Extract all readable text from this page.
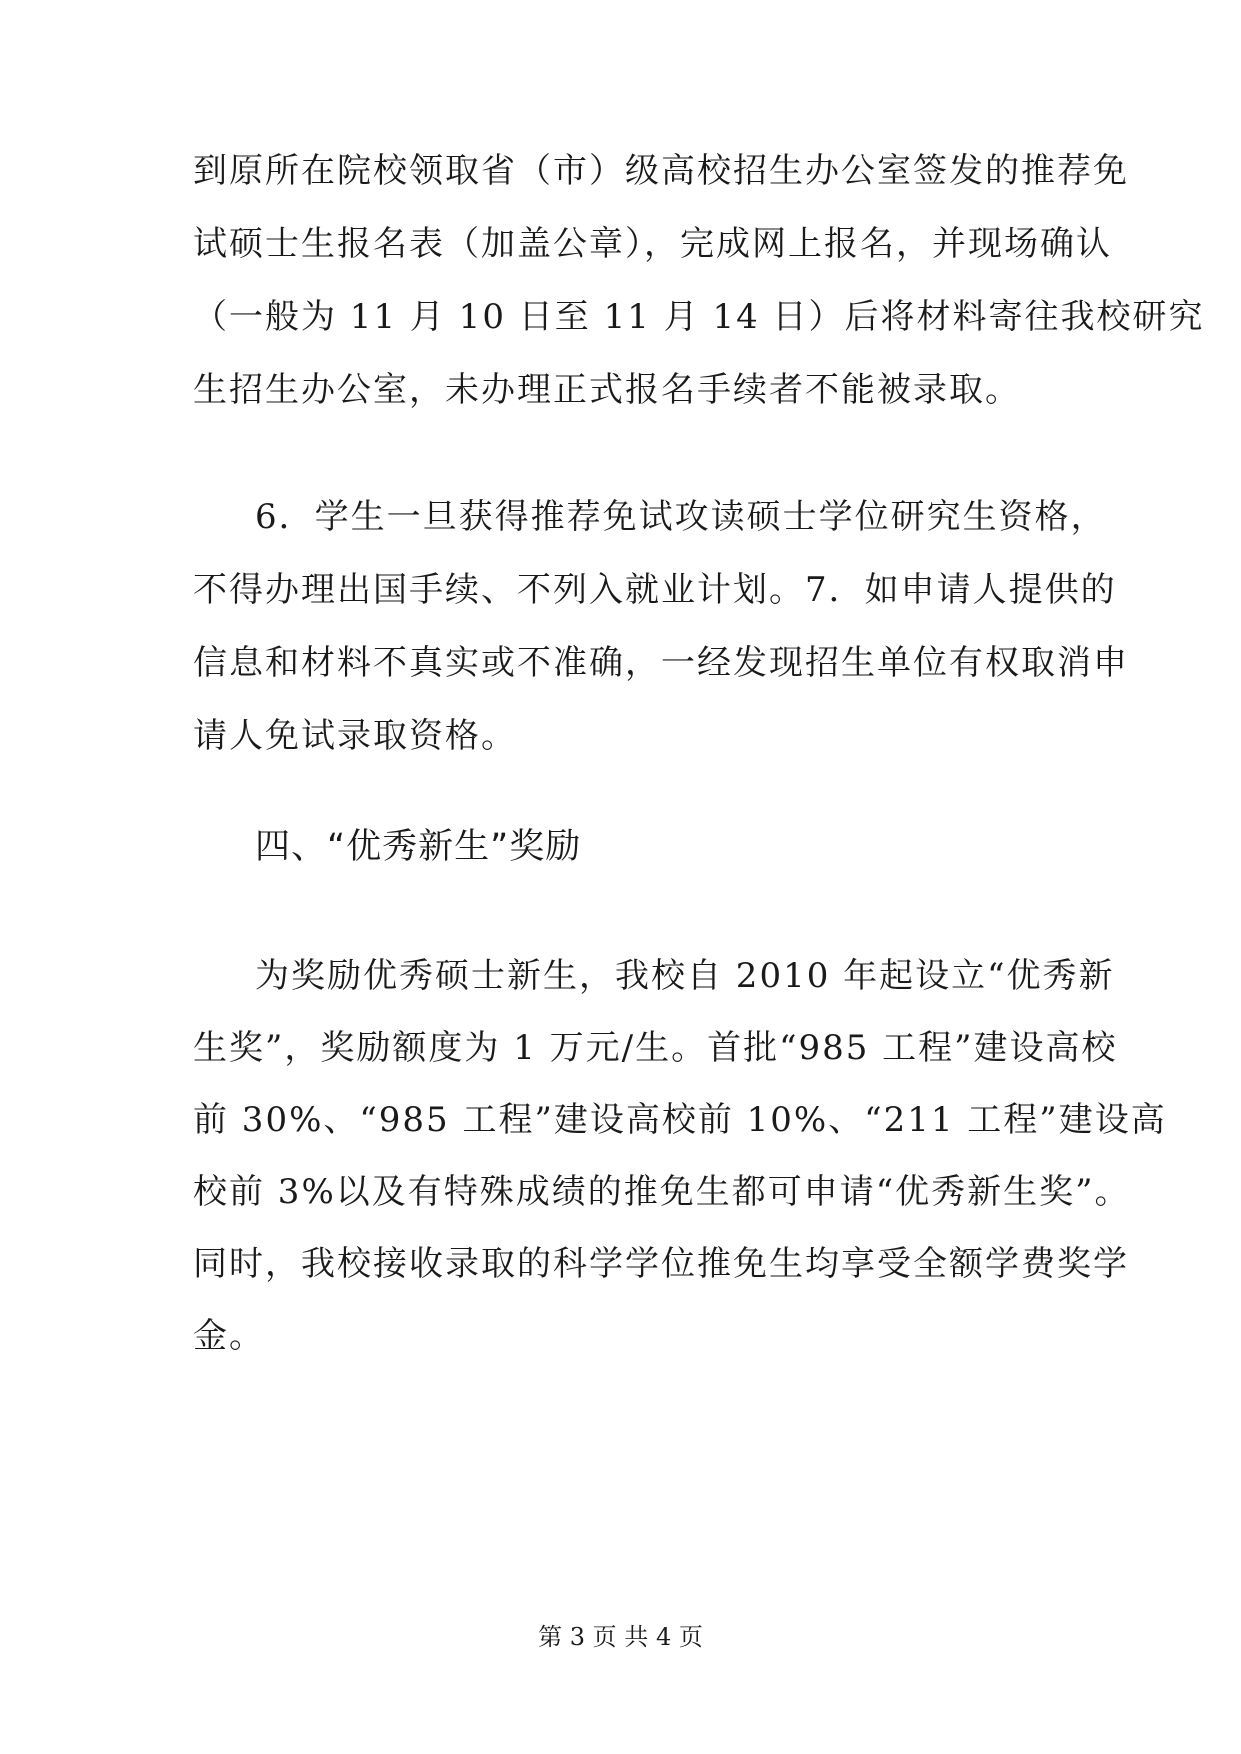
到原所在院校领取省（市）级高校招生办公室签发的推荐免
试硕士生报名表（加盖公章），完成网上报名，并现场确认
（一般为 11 月 10 日至 11 月 14 日）后将材料寄往我校研究
生招生办公室，未办理正式报名手续者不能被录取。
6．学生一旦获得推荐免试攻读硕士学位研究生资格，
不得办理出国手续、不列入就业计划。7．如申请人提供的
信息和材料不真实或不准确，一经发现招生单位有权取消申
请人免试录取资格。
四、“优秀新生”奖励
为奖励优秀硕士新生，我校自 2010 年起设立“优秀新
生奖”，奖励额度为 1 万元/生。首批“985 工程”建设高校
前 30%、“985 工程”建设高校前 10%、“211 工程”建设高
校前 3%以及有特殊成绩的推免生都可申请“优秀新生奖”。
同时，我校接收录取的科学学位推免生均享受全额学费奖学
金。
第 3 页 共 4 页
